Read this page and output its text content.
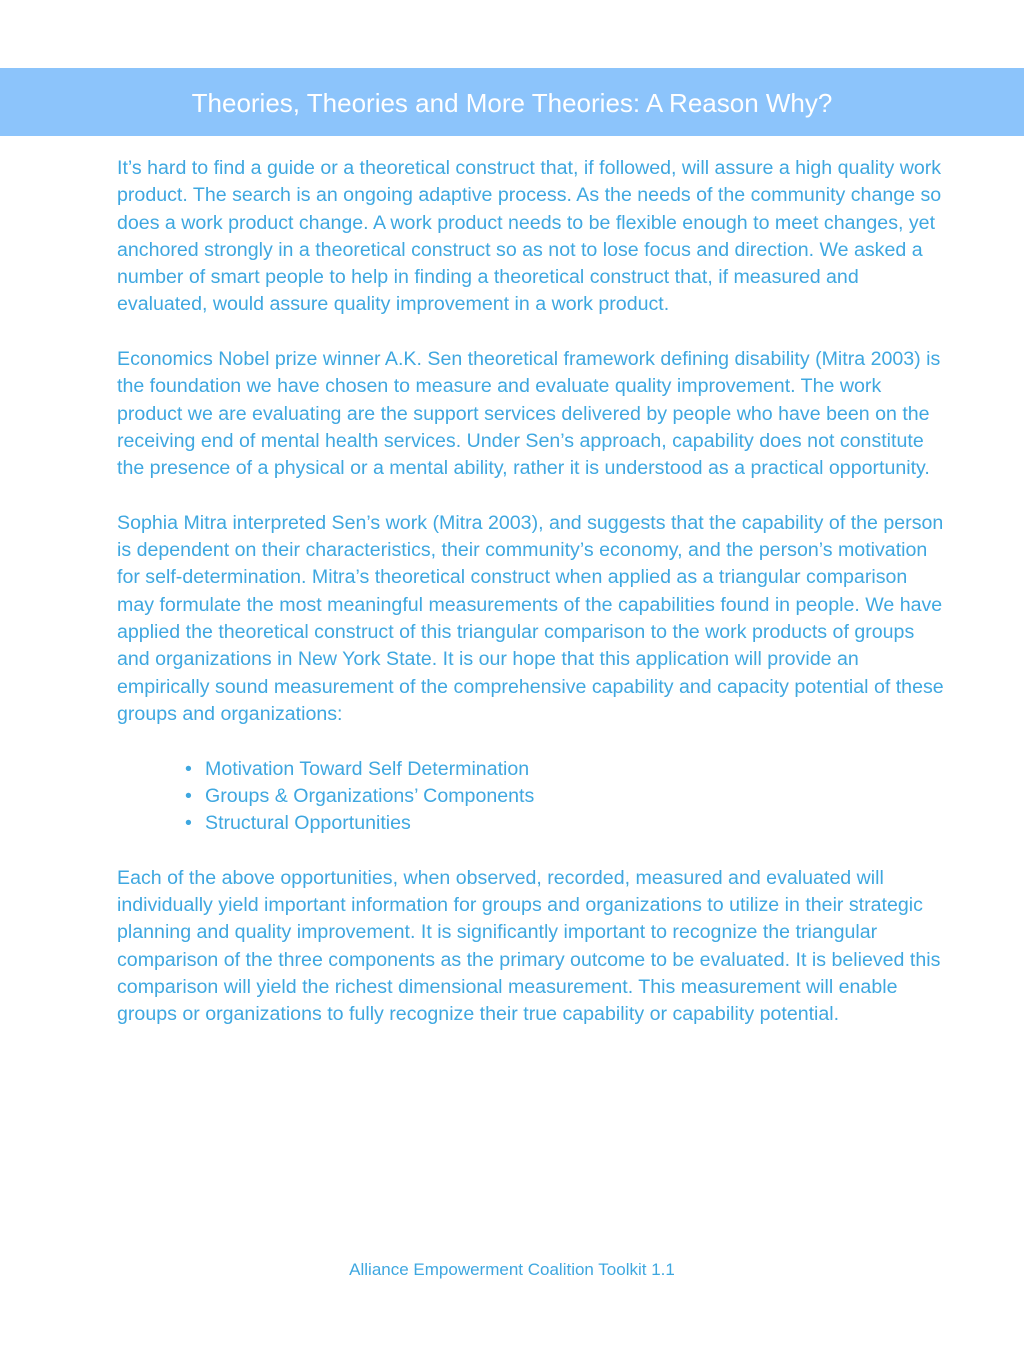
Theories, Theories and More Theories: A Reason Why?

It’s hard to find a guide or a theoretical construct that, if followed, will assure a high quality work product. The search is an ongoing adaptive process. As the needs of the community change so does a work product change. A work product needs to be flexible enough to meet changes, yet anchored strongly in a theoretical construct so as not to lose focus and direction. We asked a number of smart people to help in finding a theoretical construct that, if measured and evaluated, would assure quality improvement in a work product.

Economics Nobel prize winner A.K. Sen theoretical framework defining disability (Mitra 2003) is the foundation we have chosen to measure and evaluate quality improvement. The work product we are evaluating are the support services delivered by people who have been on the receiving end of mental health services. Under Sen’s approach, capability does not constitute the presence of a physical or a mental ability, rather it is understood as a practical opportunity.

Sophia Mitra interpreted Sen’s work (Mitra 2003), and suggests that the capability of the person is dependent on their characteristics, their community’s economy, and the person’s motivation for self-determination. Mitra’s theoretical construct when applied as a triangular comparison may formulate the most meaningful measurements of the capabilities found in people. We have applied the theoretical construct of this triangular comparison to the work products of groups and organizations in New York State. It is our hope that this application will provide an empirically sound measurement of the comprehensive capability and capacity potential of these groups and organizations:

• Motivation Toward Self Determination
• Groups & Organizations’ Components
• Structural Opportunities

Each of the above opportunities, when observed, recorded, measured and evaluated will individually yield important information for groups and organizations to utilize in their strategic planning and quality improvement. It is significantly important to recognize the triangular comparison of the three components as the primary outcome to be evaluated. It is believed this comparison will yield the richest dimensional measurement. This measurement will enable groups or organizations to fully recognize their true capability or capability potential.

Alliance Empowerment Coalition Toolkit 1.1
